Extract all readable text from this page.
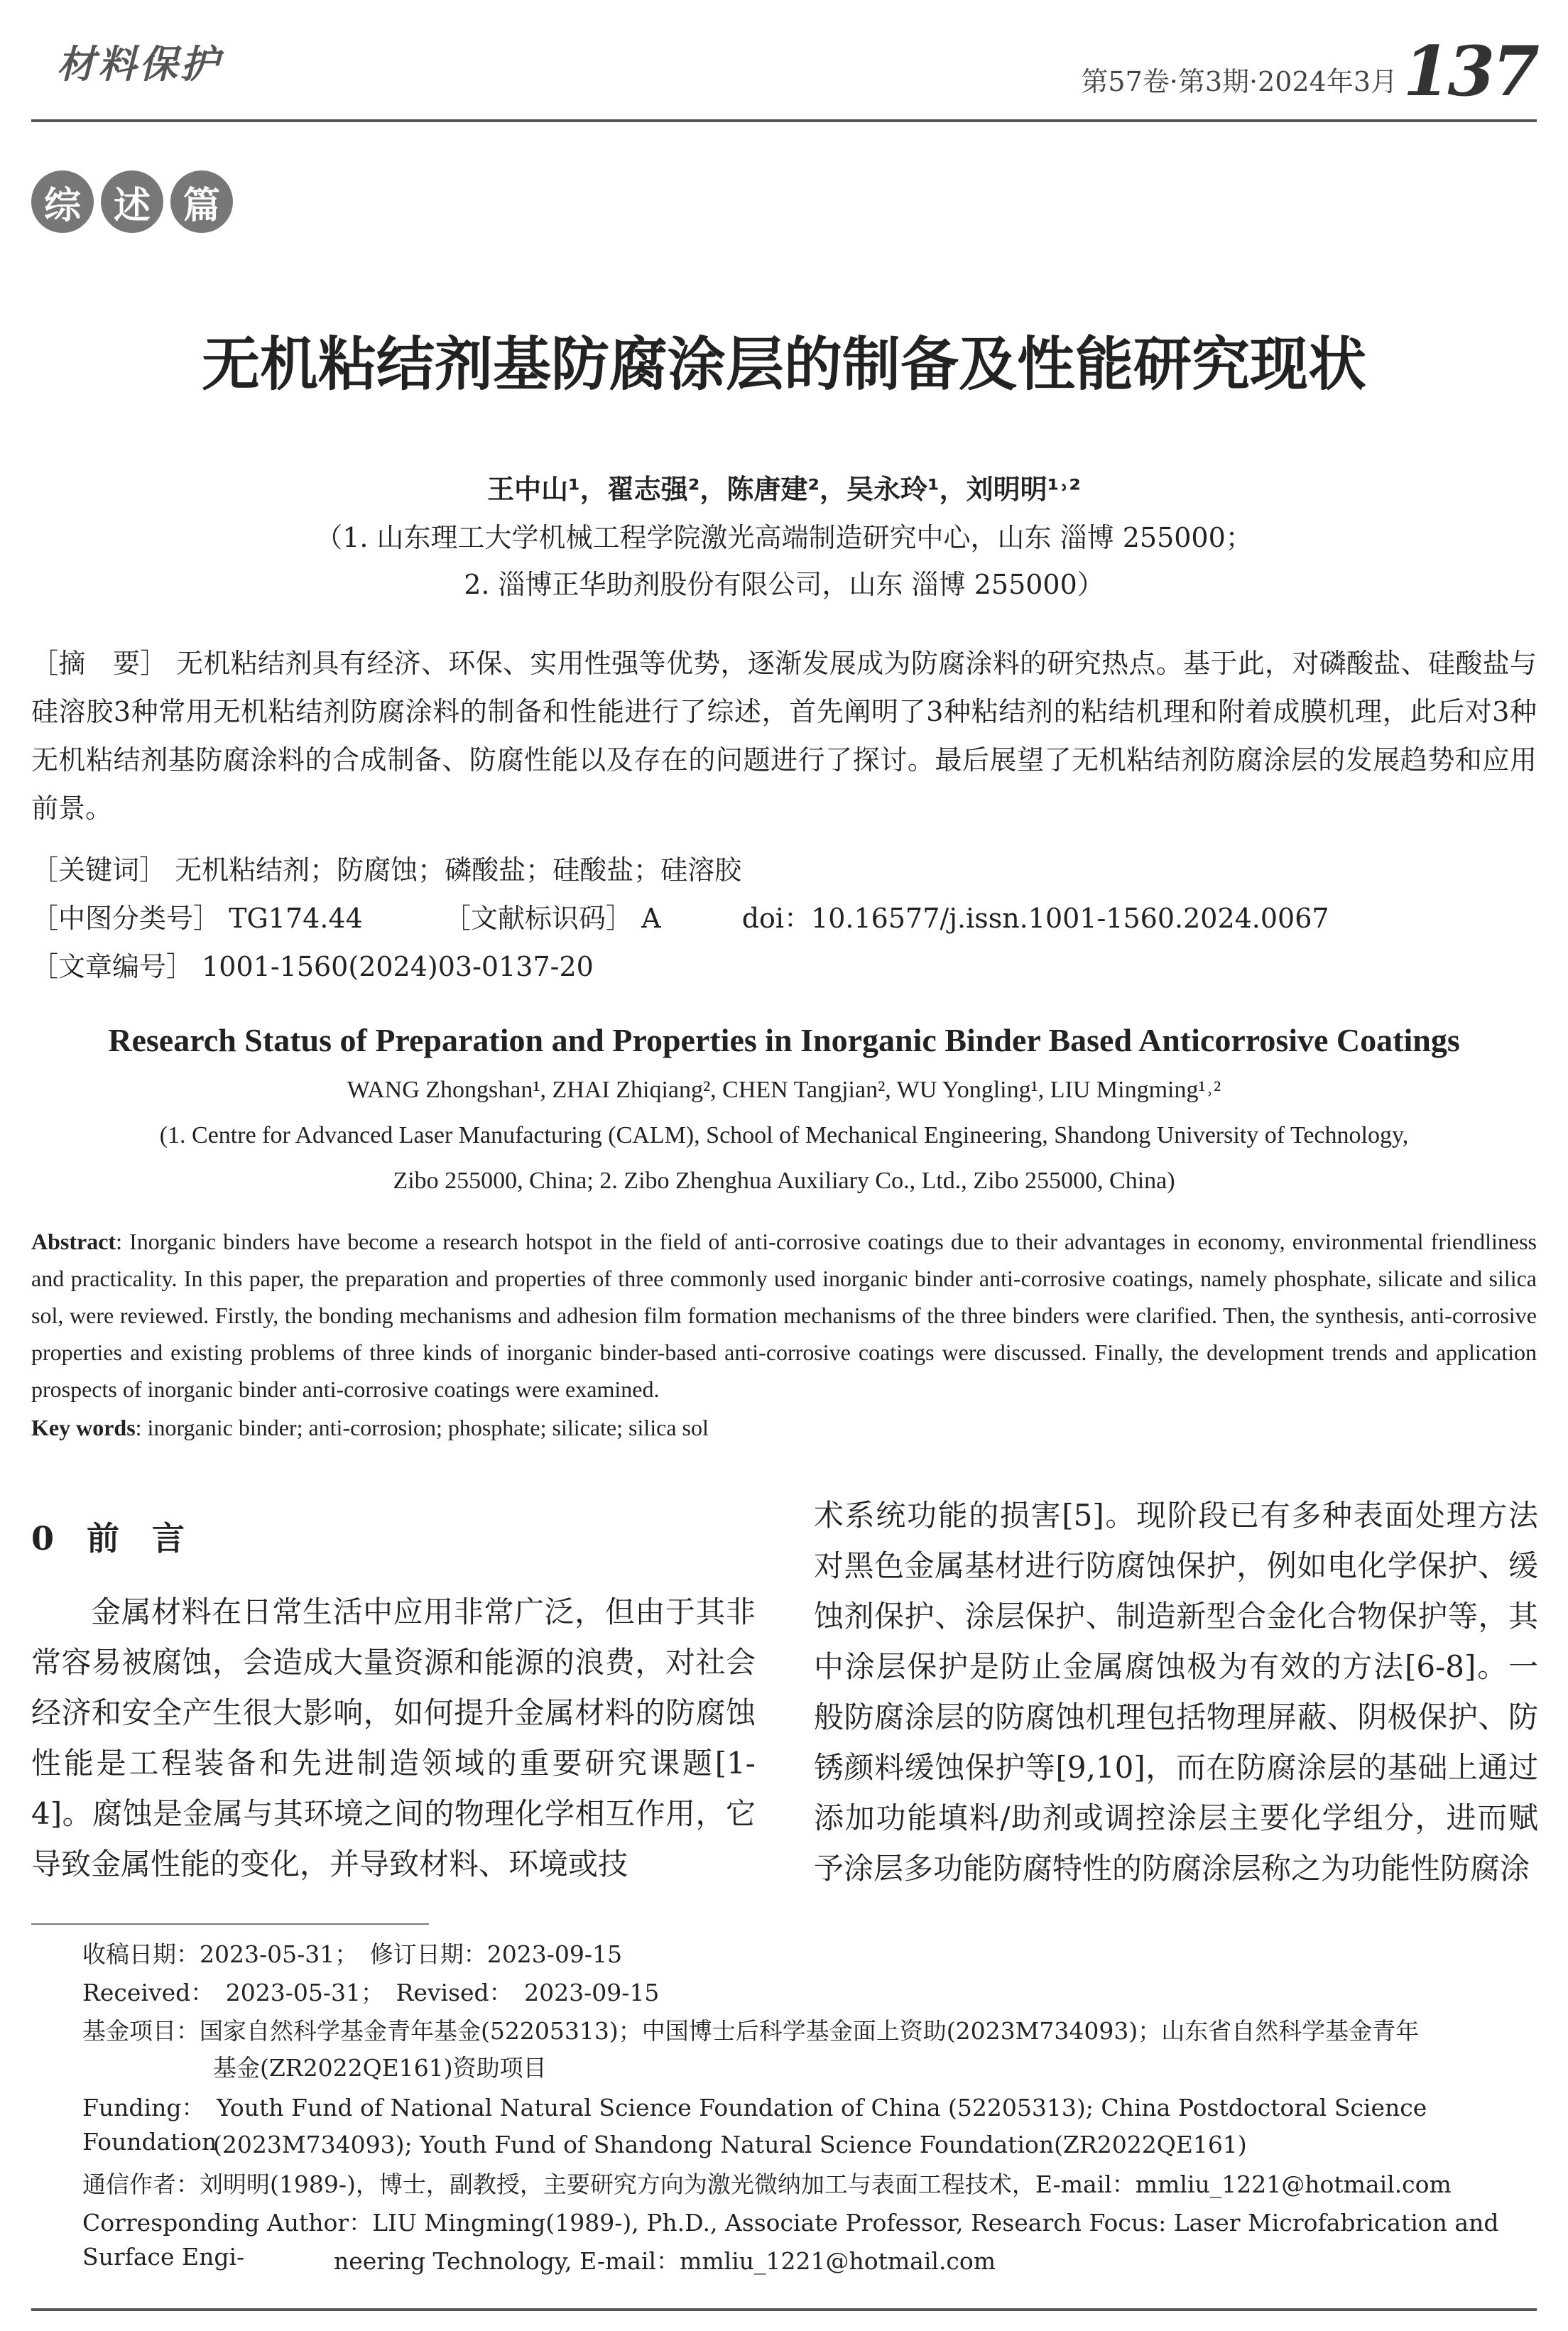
材料保护	第57卷·第3期·2024年3月 137
综 述 篇
无机粘结剂基防腐涂层的制备及性能研究现状
王中山¹，翟志强²，陈唐建²，吴永玲¹，刘明明¹˒²
（1. 山东理工大学机械工程学院激光高端制造研究中心，山东 淄博 255000；
2. 淄博正华助剂股份有限公司，山东 淄博 255000）
［摘　要］ 无机粘结剂具有经济、环保、实用性强等优势，逐渐发展成为防腐涂料的研究热点。基于此，对磷酸盐、硅酸盐与硅溶胶3种常用无机粘结剂防腐涂料的制备和性能进行了综述，首先阐明了3种粘结剂的粘结机理和附着成膜机理，此后对3种无机粘结剂基防腐涂料的合成制备、防腐性能以及存在的问题进行了探讨。最后展望了无机粘结剂防腐涂层的发展趋势和应用前景。
［关键词］ 无机粘结剂；防腐蚀；磷酸盐；硅酸盐；硅溶胶
［中图分类号］ TG174.44	［文献标识码］ A	doi：10.16577/j.issn.1001-1560.2024.0067
［文章编号］ 1001-1560(2024)03-0137-20
Research Status of Preparation and Properties in Inorganic Binder Based Anticorrosive Coatings
WANG Zhongshan¹, ZHAI Zhiqiang², CHEN Tangjian², WU Yongling¹, LIU Mingming¹˒²
(1. Centre for Advanced Laser Manufacturing (CALM), School of Mechanical Engineering, Shandong University of Technology,
Zibo 255000, China; 2. Zibo Zhenghua Auxiliary Co., Ltd., Zibo 255000, China)
Abstract: Inorganic binders have become a research hotspot in the field of anti-corrosive coatings due to their advantages in economy, environmental friendliness and practicality. In this paper, the preparation and properties of three commonly used inorganic binder anti-corrosive coatings, namely phosphate, silicate and silica sol, were reviewed. Firstly, the bonding mechanisms and adhesion film formation mechanisms of the three binders were clarified. Then, the synthesis, anti-corrosive properties and existing problems of three kinds of inorganic binder-based anti-corrosive coatings were discussed. Finally, the development trends and application prospects of inorganic binder anti-corrosive coatings were examined.
Key words: inorganic binder; anti-corrosion; phosphate; silicate; silica sol
0　前　言
金属材料在日常生活中应用非常广泛，但由于其非常容易被腐蚀，会造成大量资源和能源的浪费，对社会经济和安全产生很大影响，如何提升金属材料的防腐蚀性能是工程装备和先进制造领域的重要研究课题[1-4]。腐蚀是金属与其环境之间的物理化学相互作用，它导致金属性能的变化，并导致材料、环境或技
术系统功能的损害[5]。现阶段已有多种表面处理方法对黑色金属基材进行防腐蚀保护，例如电化学保护、缓蚀剂保护、涂层保护、制造新型合金化合物保护等，其中涂层保护是防止金属腐蚀极为有效的方法[6-8]。一般防腐涂层的防腐蚀机理包括物理屏蔽、阴极保护、防锈颜料缓蚀保护等[9,10]，而在防腐涂层的基础上通过添加功能填料/助剂或调控涂层主要化学组分，进而赋予涂层多功能防腐特性的防腐涂层称之为功能性防腐涂
收稿日期：2023-05-31；　修订日期：2023-09-15
Received：　2023-05-31；　Revised：　2023-09-15
基金项目：国家自然科学基金青年基金(52205313)；中国博士后科学基金面上资助(2023M734093)；山东省自然科学基金青年
基金(ZR2022QE161)资助项目
Funding：　Youth Fund of National Natural Science Foundation of China (52205313); China Postdoctoral Science Foundation
(2023M734093); Youth Fund of Shandong Natural Science Foundation(ZR2022QE161)
通信作者：刘明明(1989-)，博士，副教授，主要研究方向为激光微纳加工与表面工程技术，E-mail：mmliu_1221@hotmail.com
Corresponding Author：LIU Mingming(1989-), Ph.D., Associate Professor, Research Focus: Laser Microfabrication and Surface Engi-	neering Technology, E-mail：mmliu_1221@hotmail.com
